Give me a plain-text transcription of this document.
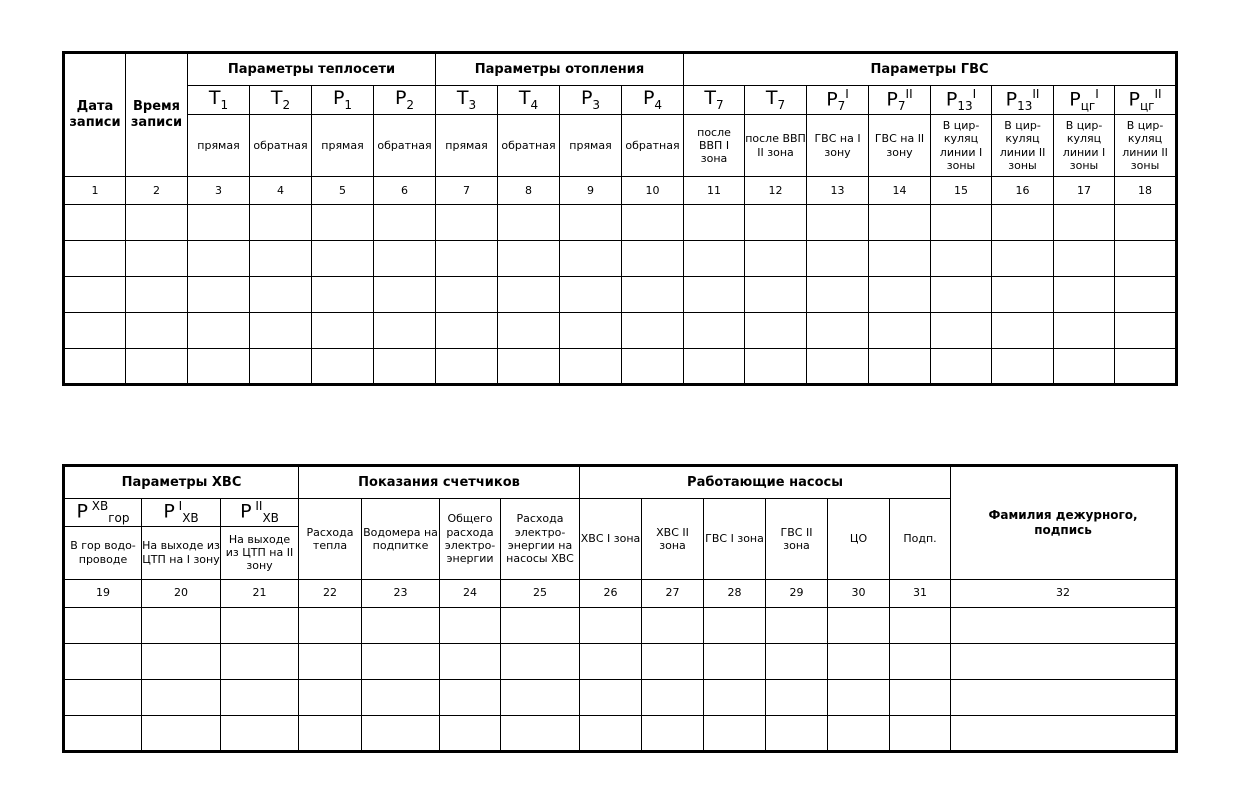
Дата записи	Время записи	Параметры теплосети				Параметры отопления				Параметры ГВС							
		$T_1$	$T_2$	$P_1$	$P_2$	$T_3$	$T_4$	$P_3$	$P_4$	$T_7$	$T_7$	$P_7^I$	$P_7^{II}$	$P_{13}^I$	$P_{13}^{II}$	$P_{цг}^I$	$P_{цг}^{II}$
		прямая	обратная	прямая	обратная	прямая	обратная	прямая	обратная	после ВВП I зона	после ВВП II зона	ГВС на I зону	ГВС на II зону	В цир-куляц линии I зоны	В цир-куляц линии II зоны	В цир-куляц линии I зоны	В цир-куляц линии II зоны
1	2	3	4	5	6	7	8	9	10	11	12	13	14	15	16	17	18

Параметры ХВС			Показания счетчиков				Работающие насосы						Фамилия дежурного, подпись
P $^{ХВ}_{гор}$	P $^I_{ХВ}$	P $^{II}_{ХВ}$	Расхода тепла	Водомера на подпитке	Общего расхода электро-энергии	Расхода электро-энергии на насосы ХВС	ХВС I зона	ХВС II зона	ГВС I зона	ГВС II зона	ЦО	Подп.	
В гор водо-проводе	На выходе из ЦТП на I зону	На выходе из ЦТП на II зону											
19	20	21	22	23	24	25	26	27	28	29	30	31	32
